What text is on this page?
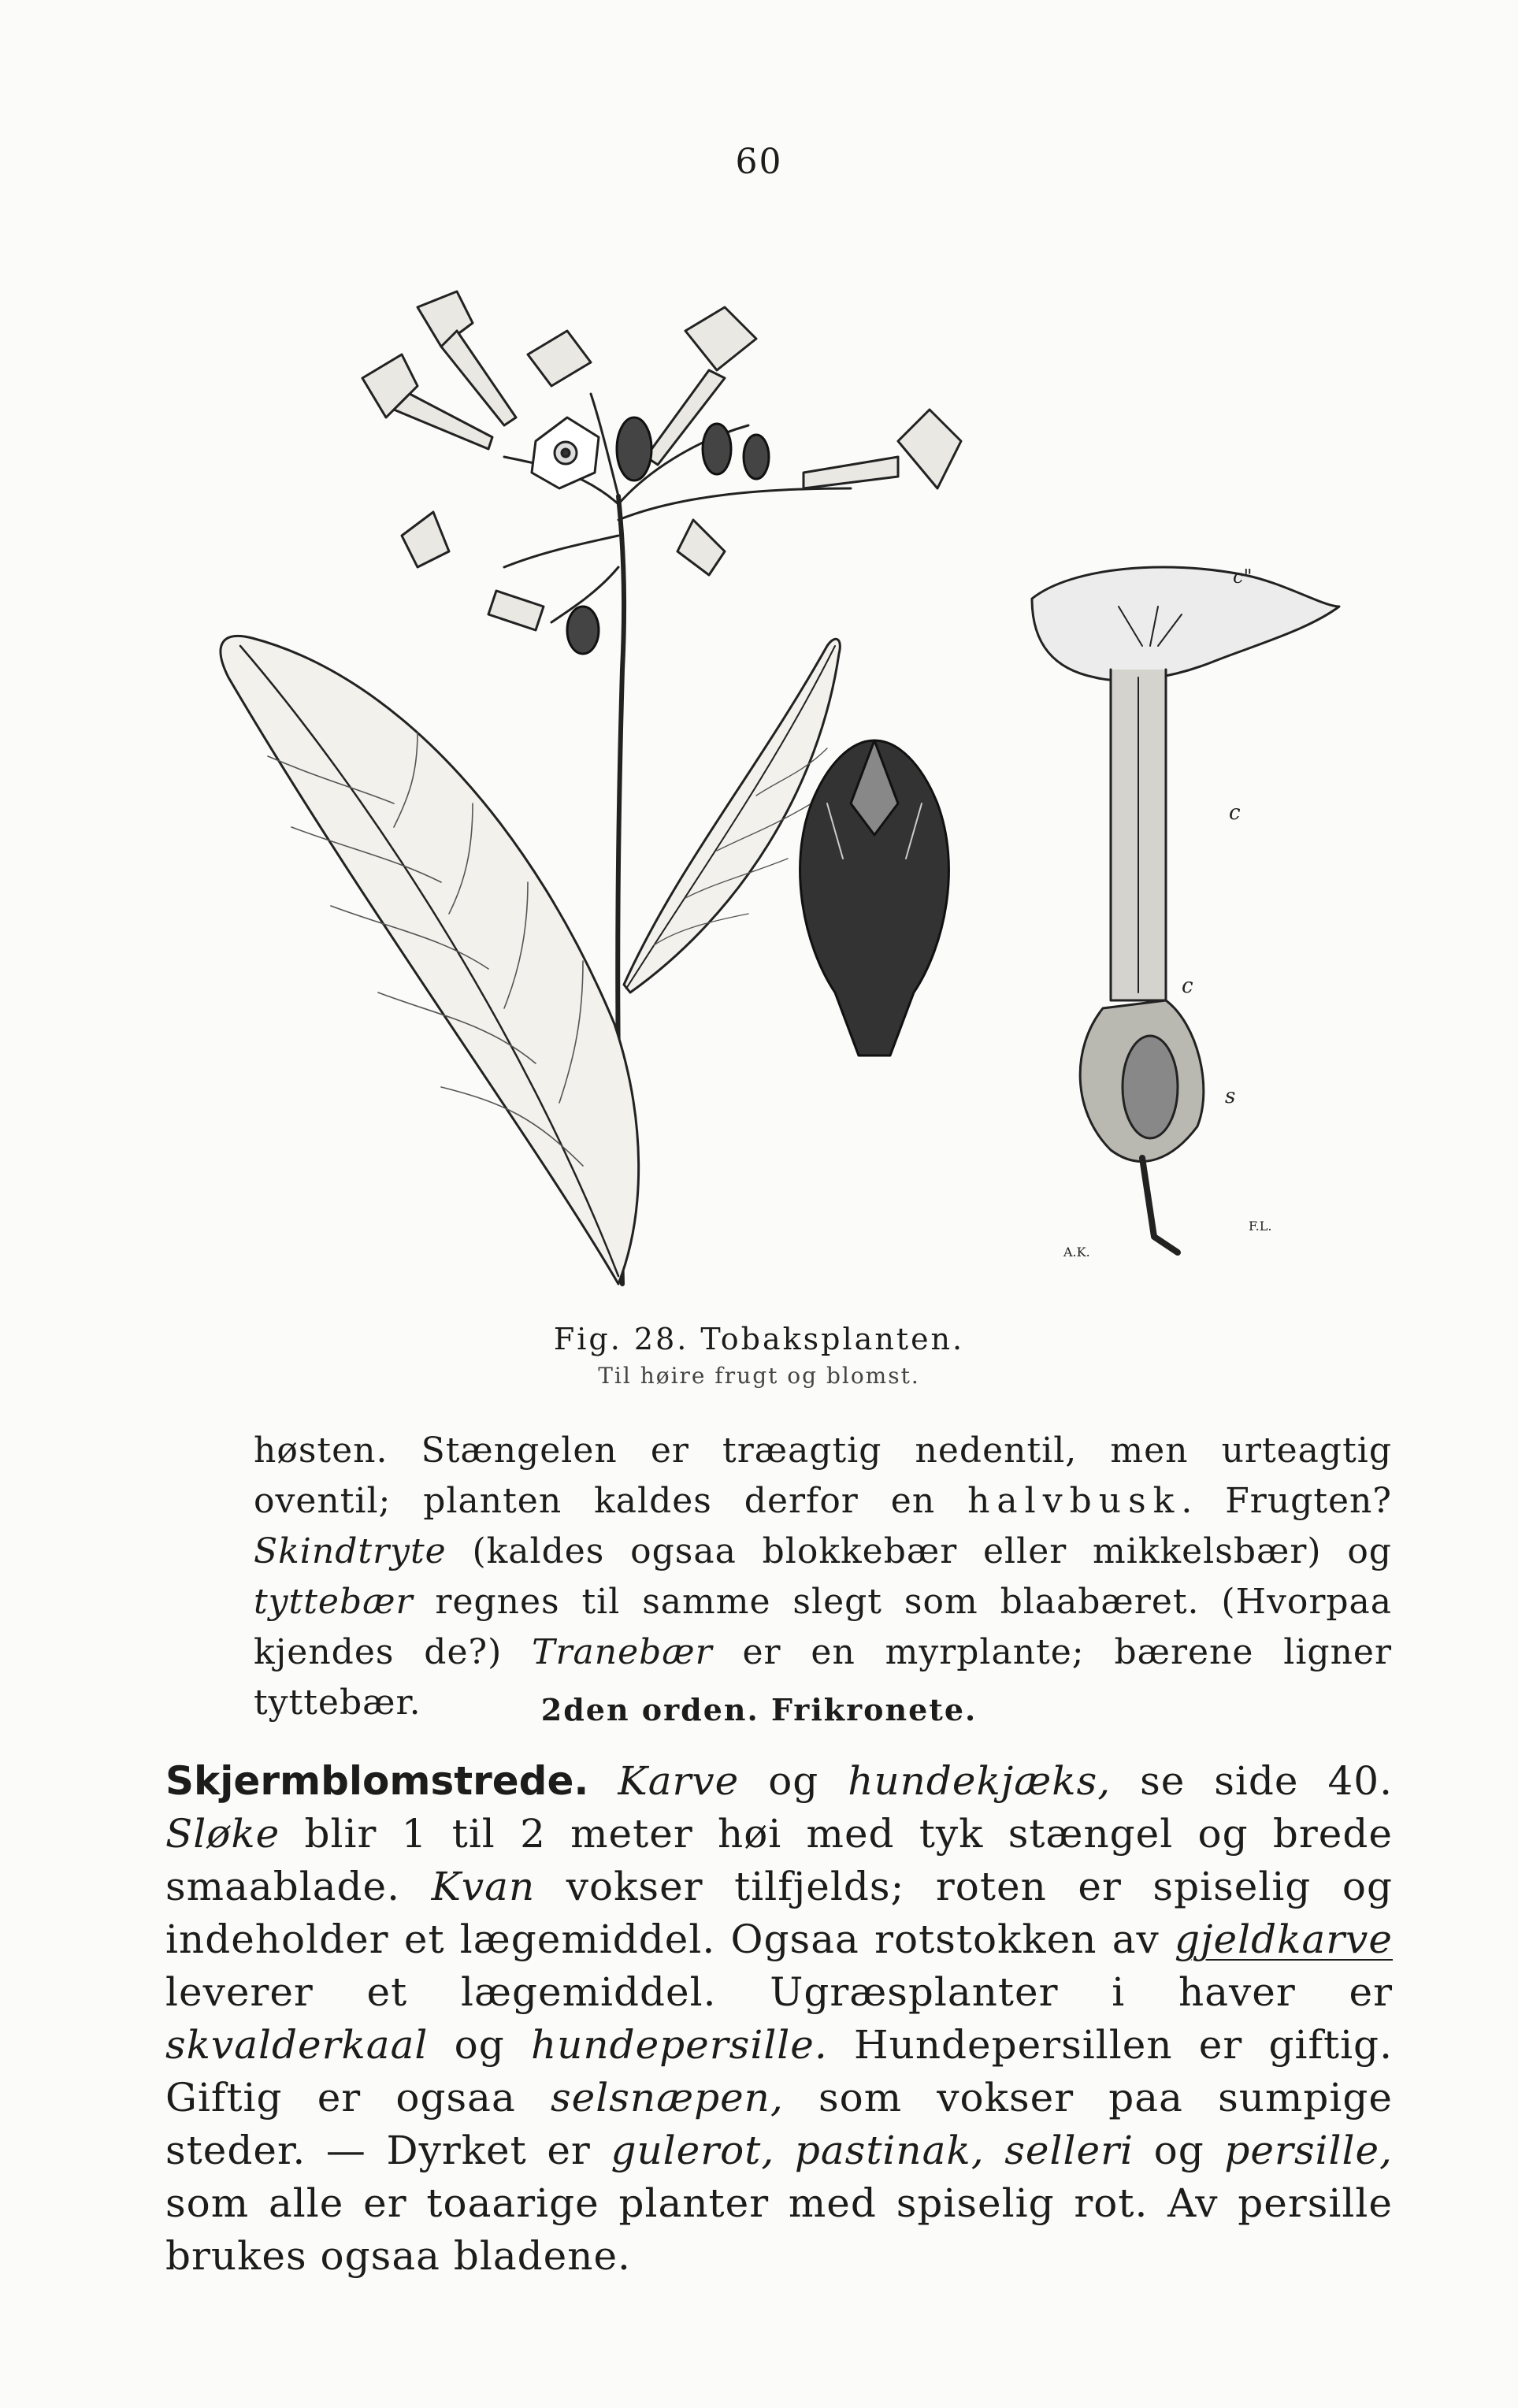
60
c"
c
c
s
A.K.
F.L.
Fig. 28. Tobaksplanten.
Til høire frugt og blomst.
høsten. Stængelen er træagtig nedentil, men urteagtig oventil; planten kaldes derfor en halvbusk. Frugten? Skindtryte (kaldes ogsaa blokkebær eller mikkelsbær) og tyttebær regnes til samme slegt som blaabæret. (Hvorpaa kjendes de?) Tranebær er en myrplante; bærene ligner tyttebær.	2den orden. Frikronete.
Skjermblomstrede. Karve og hundekjæks, se side 40. Sløke blir 1 til 2 meter høi med tyk stængel og brede smaablade. Kvan vokser tilfjelds; roten er spiselig og indeholder et lægemiddel. Ogsaa rotstokken av gjeldkarve leverer et lægemiddel. Ugræsplanter i haver er skvalderkaal og hundepersille. Hundepersillen er giftig. Giftig er ogsaa selsnæpen, som vokser paa sumpige steder. — Dyrket er gulerot, pastinak, selleri og persille, som alle er toaarige planter med spiselig rot. Av persille brukes ogsaa bladene.
